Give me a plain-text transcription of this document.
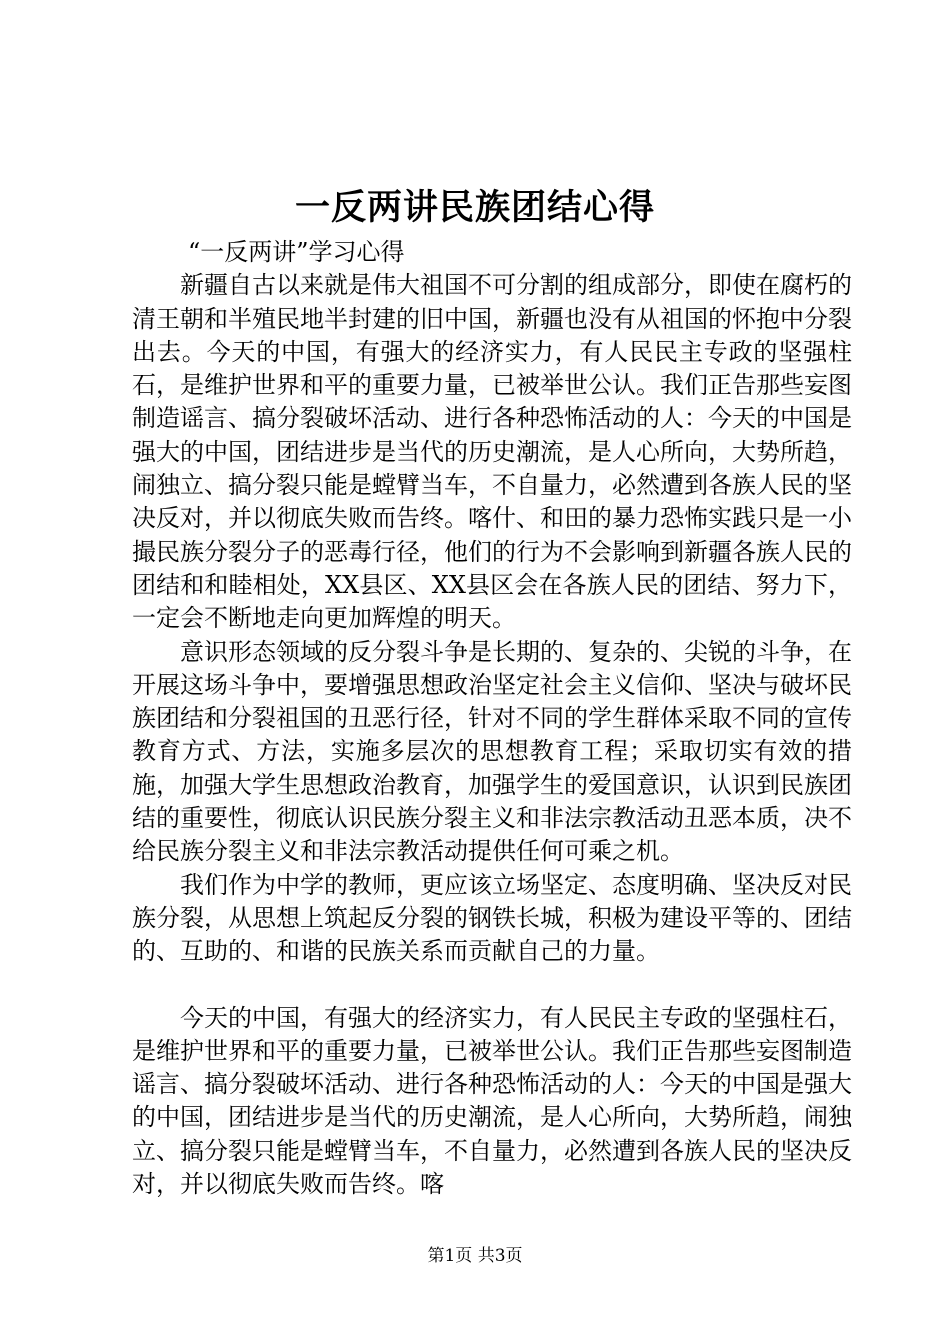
一反两讲民族团结心得

“一反两讲”学习心得

新疆自古以来就是伟大祖国不可分割的组成部分，即使在腐朽的清王朝和半殖民地半封建的旧中国，新疆也没有从祖国的怀抱中分裂出去。今天的中国，有强大的经济实力，有人民民主专政的坚强柱石，是维护世界和平的重要力量，已被举世公认。我们正告那些妄图制造谣言、搞分裂破坏活动、进行各种恐怖活动的人：今天的中国是强大的中国，团结进步是当代的历史潮流，是人心所向，大势所趋，闹独立、搞分裂只能是螳臂当车，不自量力，必然遭到各族人民的坚决反对，并以彻底失败而告终。喀什、和田的暴力恐怖实践只是一小撮民族分裂分子的恶毒行径，他们的行为不会影响到新疆各族人民的团结和和睦相处，XX县区、XX县区会在各族人民的团结、努力下，一定会不断地走向更加辉煌的明天。

意识形态领域的反分裂斗争是长期的、复杂的、尖锐的斗争，在开展这场斗争中，要增强思想政治坚定社会主义信仰、坚决与破坏民族团结和分裂祖国的丑恶行径，针对不同的学生群体采取不同的宣传教育方式、方法，实施多层次的思想教育工程；采取切实有效的措施，加强大学生思想政治教育，加强学生的爱国意识，认识到民族团结的重要性，彻底认识民族分裂主义和非法宗教活动丑恶本质，决不给民族分裂主义和非法宗教活动提供任何可乘之机。

我们作为中学的教师，更应该立场坚定、态度明确、坚决反对民族分裂，从思想上筑起反分裂的钢铁长城，积极为建设平等的、团结的、互助的、和谐的民族关系而贡献自己的力量。

今天的中国，有强大的经济实力，有人民民主专政的坚强柱石，是维护世界和平的重要力量，已被举世公认。我们正告那些妄图制造谣言、搞分裂破坏活动、进行各种恐怖活动的人：今天的中国是强大的中国，团结进步是当代的历史潮流，是人心所向，大势所趋，闹独立、搞分裂只能是螳臂当车，不自量力，必然遭到各族人民的坚决反对，并以彻底失败而告终。喀

第1页 共3页
